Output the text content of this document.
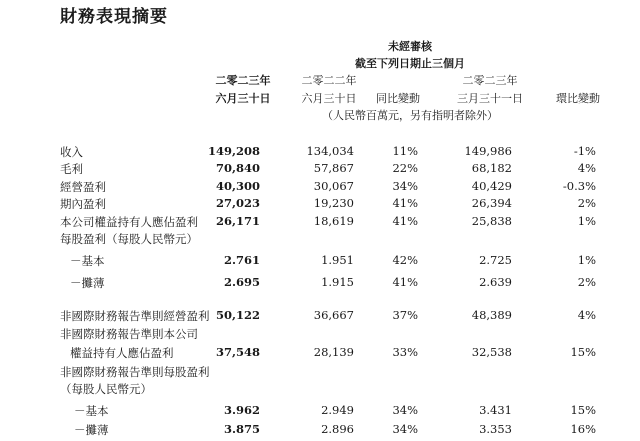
財務表現摘要
未經審核
截至下列日期止三個月
二零二三年
六月三十日
二零二二年
六月三十日	同比變動
二零二三年
三月三十一日	環比變動
（人民幣百萬元，另有指明者除外）
收入	149,208	134,034	11%	149,986	-1%
毛利	70,840	57,867	22%	68,182	4%
經營盈利	40,300	30,067	34%	40,429	-0.3%
期內盈利	27,023	19,230	41%	26,394	2%
本公司權益持有人應佔盈利 26,171	18,619	41%	25,838	1%
每股盈利（每股人民幣元）
－基本	2.761	1.951	42%	2.725	1%
－攤薄	2.695	1.915	41%	2.639	2%
非國際財務報告準則經營盈利 50,122	36,667	37%	48,389	4%
非國際財務報告準則本公司
權益持有人應佔盈利	37,548	28,139	33%	32,538	15%
非國際財務報告準則每股盈利
（每股人民幣元）
－基本	3.962	2.949	34%	3.431	15%
－攤薄	3.875	2.896	34%	3.353	16%
